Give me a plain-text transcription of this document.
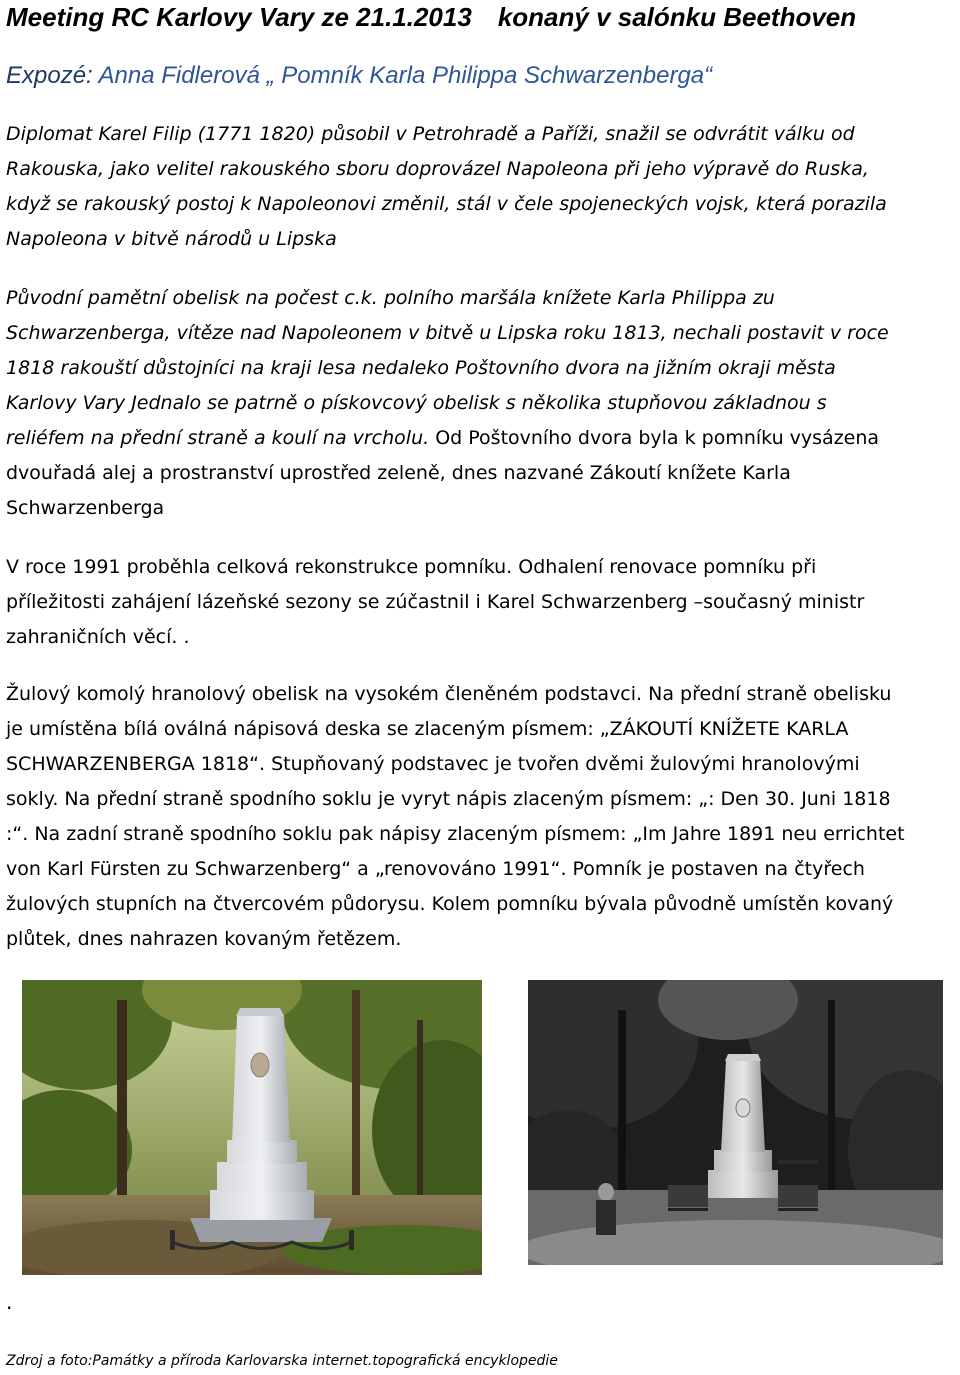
Meeting RC Karlovy Vary ze 21.1.2013 konaný v salónku Beethoven

Expozé: Anna Fidlerová „ Pomník Karla Philippa Schwarzenberga“

Diplomat Karel Filip (1771 1820) působil v Petrohradě a Paříži, snažil se odvrátit válku od
Rakouska, jako velitel rakouského sboru doprovázel Napoleona při jeho výpravě do Ruska,
když se rakouský postoj k Napoleonovi změnil, stál v čele spojeneckých vojsk, která porazila
Napoleona v bitvě národů u Lipska
Původní pamětní obelisk na počest c.k. polního maršála knížete Karla Philippa zu
Schwarzenberga, vítěze nad Napoleonem v bitvě u Lipska roku 1813, nechali postavit v roce
1818 rakouští důstojníci na kraji lesa nedaleko Poštovního dvora na jižním okraji města
Karlovy Vary Jednalo se patrně o pískovcový obelisk s několika stupňovou základnou s
reliéfem na přední straně a koulí na vrcholu. Od Poštovního dvora byla k pomníku vysázena
dvouřadá alej a prostranství uprostřed zeleně, dnes nazvané Zákoutí knížete Karla
Schwarzenberga
V roce 1991 proběhla celková rekonstrukce pomníku. Odhalení renovace pomníku při
příležitosti zahájení lázeňské sezony se zúčastnil i Karel Schwarzenberg –současný ministr
zahraničních věcí. .
Žulový komolý hranolový obelisk na vysokém členěném podstavci. Na přední straně obelisku
je umístěna bílá oválná nápisová deska se zlaceným písmem: „ZÁKOUTÍ KNÍŽETE KARLA
SCHWARZENBERGA 1818“. Stupňovaný podstavec je tvořen dvěmi žulovými hranolovými
sokly. Na přední straně spodního soklu je vyryt nápis zlaceným písmem: „: Den 30. Juni 1818
:“. Na zadní straně spodního soklu pak nápisy zlaceným písmem: „Im Jahre 1891 neu errichtet
von Karl Fürsten zu Schwarzenberg“ a „renovováno 1991“. Pomník je postaven na čtyřech
žulových stupních na čtvercovém půdorysu. Kolem pomníku bývala původně umístěn kovaný
plůtek, dnes nahrazen kovaným řetězem.

.

Zdroj a foto:Památky a příroda Karlovarska internet.topografická encyklopedie
